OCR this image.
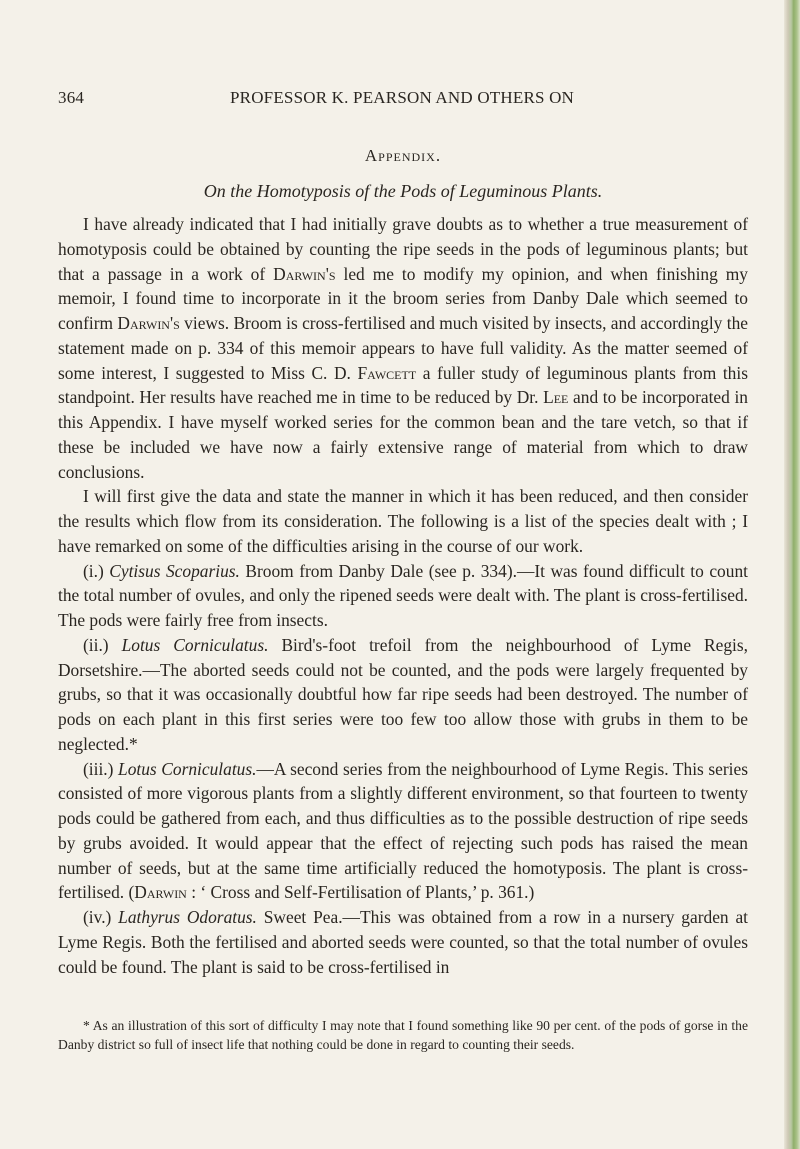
364	PROFESSOR K. PEARSON AND OTHERS ON
Appendix.
On the Homotyposis of the Pods of Leguminous Plants.

I have already indicated that I had initially grave doubts as to whether a true measurement of homotyposis could be obtained by counting the ripe seeds in the pods of leguminous plants; but that a passage in a work of Darwin's led me to modify my opinion, and when finishing my memoir, I found time to incorporate in it the broom series from Danby Dale which seemed to confirm Darwin's views. Broom is cross-fertilised and much visited by insects, and accordingly the statement made on p. 334 of this memoir appears to have full validity. As the matter seemed of some interest, I suggested to Miss C. D. Fawcett a fuller study of leguminous plants from this standpoint. Her results have reached me in time to be reduced by Dr. Lee and to be incorporated in this Appendix. I have myself worked series for the common bean and the tare vetch, so that if these be included we have now a fairly extensive range of material from which to draw conclusions.

I will first give the data and state the manner in which it has been reduced, and then consider the results which flow from its consideration. The following is a list of the species dealt with ; I have remarked on some of the difficulties arising in the course of our work.

(i.) Cytisus Scoparius. Broom from Danby Dale (see p. 334).—It was found difficult to count the total number of ovules, and only the ripened seeds were dealt with. The plant is cross-fertilised. The pods were fairly free from insects.

(ii.) Lotus Corniculatus. Bird's-foot trefoil from the neighbourhood of Lyme Regis, Dorsetshire.—The aborted seeds could not be counted, and the pods were largely frequented by grubs, so that it was occasionally doubtful how far ripe seeds had been destroyed. The number of pods on each plant in this first series were too few too allow those with grubs in them to be neglected.*

(iii.) Lotus Corniculatus.—A second series from the neighbourhood of Lyme Regis. This series consisted of more vigorous plants from a slightly different environment, so that fourteen to twenty pods could be gathered from each, and thus difficulties as to the possible destruction of ripe seeds by grubs avoided. It would appear that the effect of rejecting such pods has raised the mean number of seeds, but at the same time artificially reduced the homotyposis. The plant is cross-fertilised. (Darwin : ‘ Cross and Self-Fertilisation of Plants,’ p. 361.)

(iv.) Lathyrus Odoratus. Sweet Pea.—This was obtained from a row in a nursery garden at Lyme Regis. Both the fertilised and aborted seeds were counted, so that the total number of ovules could be found. The plant is said to be cross-fertilised in

* As an illustration of this sort of difficulty I may note that I found something like 90 per cent. of the pods of gorse in the Danby district so full of insect life that nothing could be done in regard to counting their seeds.
